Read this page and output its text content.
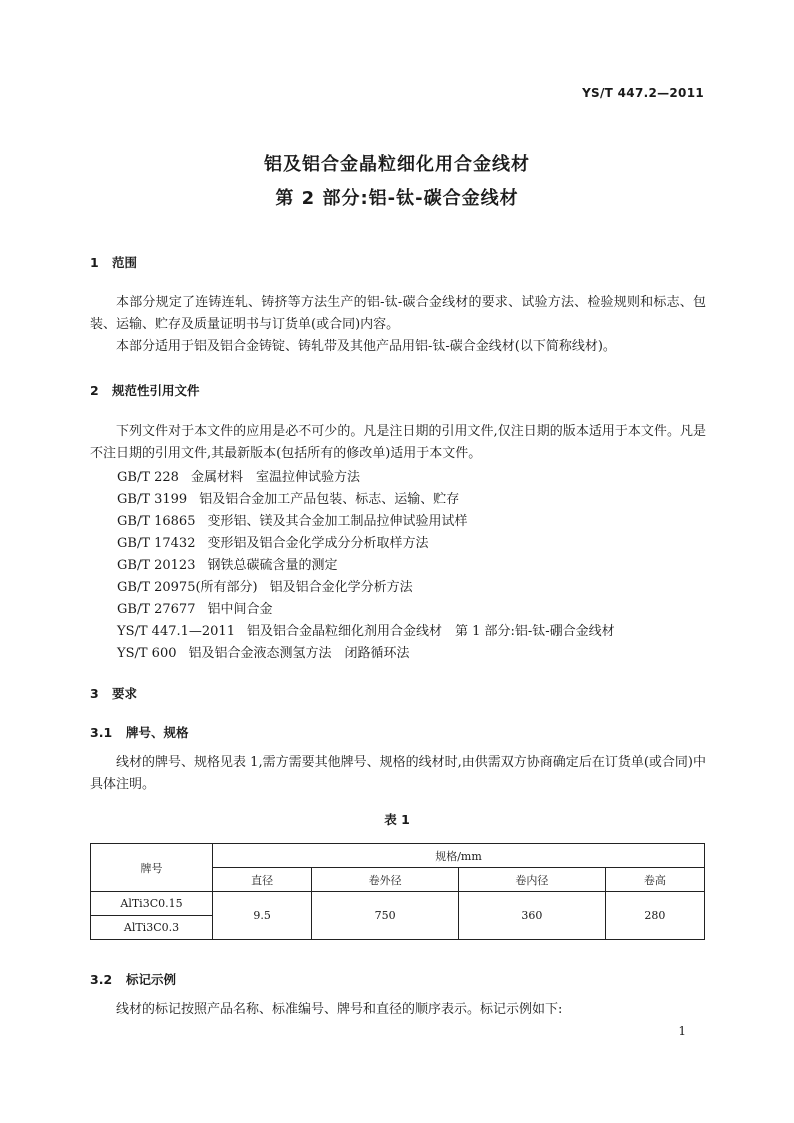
YS/T 447.2—2011
铝及铝合金晶粒细化用合金线材
第 2 部分:铝-钛-碳合金线材
1 范围
本部分规定了连铸连轧、铸挤等方法生产的铝-钛-碳合金线材的要求、试验方法、检验规则和标志、包装、运输、贮存及质量证明书与订货单(或合同)内容。
本部分适用于铝及铝合金铸锭、铸轧带及其他产品用铝-钛-碳合金线材(以下简称线材)。
2 规范性引用文件
下列文件对于本文件的应用是必不可少的。凡是注日期的引用文件,仅注日期的版本适用于本文件。凡是不注日期的引用文件,其最新版本(包括所有的修改单)适用于本文件。
GB/T 228 金属材料　室温拉伸试验方法
GB/T 3199 铝及铝合金加工产品包装、标志、运输、贮存
GB/T 16865 变形铝、镁及其合金加工制品拉伸试验用试样
GB/T 17432 变形铝及铝合金化学成分分析取样方法
GB/T 20123 钢铁总碳硫含量的测定
GB/T 20975(所有部分) 铝及铝合金化学分析方法
GB/T 27677 铝中间合金
YS/T 447.1—2011 铝及铝合金晶粒细化剂用合金线材　第 1 部分:铝-钛-硼合金线材
YS/T 600 铝及铝合金液态测氢方法　闭路循环法
3 要求
3.1 牌号、规格
线材的牌号、规格见表 1,需方需要其他牌号、规格的线材时,由供需双方协商确定后在订货单(或合同)中具体注明。
表 1
牌号	规格/mm			
	直径	卷外径	卷内径	卷高
AlTi3C0.15	9.5	750	360	280
AlTi3C0.3				
3.2 标记示例
线材的标记按照产品名称、标准编号、牌号和直径的顺序表示。标记示例如下:
1
